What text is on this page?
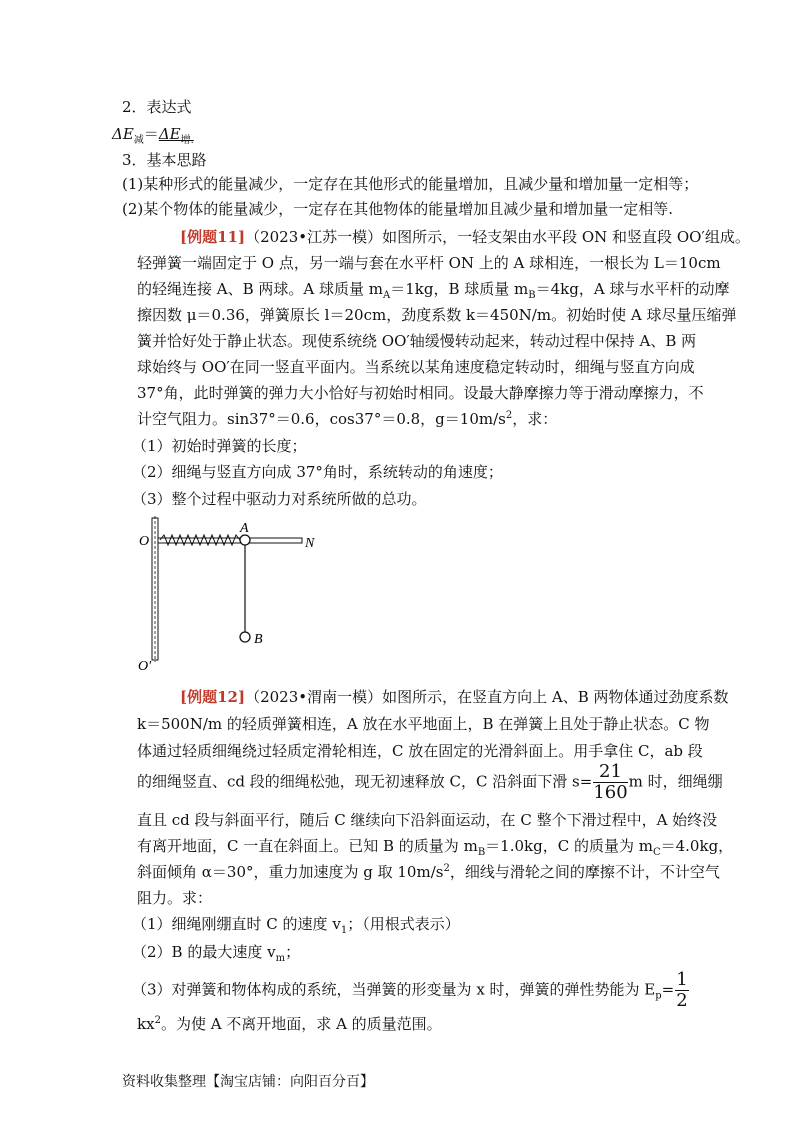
2．表达式
$\Delta E_减=\Delta E_{增.}$
3．基本思路
(1)某种形式的能量减少，一定存在其他形式的能量增加，且减少量和增加量一定相等；
(2)某个物体的能量减少，一定存在其他物体的能量增加且减少量和增加量一定相等.
[例题11]（2023•江苏一模）如图所示，一轻支架由水平段 ON 和竖直段 OO′组成。
轻弹簧一端固定于 O 点，另一端与套在水平杆 ON 上的 A 球相连，一根长为 L＝10cm
的轻绳连接 A、B 两球。A 球质量 $m_A=1kg$，B 球质量 $m_B=4kg$，A 球与水平杆的动摩
擦因数 μ＝0.36，弹簧原长 l＝20cm，劲度系数 k＝450N/m。初始时使 A 球尽量压缩弹
簧并恰好处于静止状态。现使系统绕 OO′轴缓慢转动起来，转动过程中保持 A、B 两
球始终与 OO′在同一竖直平面内。当系统以某角速度稳定转动时，细绳与竖直方向成
37°角，此时弹簧的弹力大小恰好与初始时相同。设最大静摩擦力等于滑动摩擦力，不
计空气阻力。sin37°＝0.6，cos37°＝0.8，$g=10m/s^2$，求：
（1）初始时弹簧的长度；
（2）细绳与竖直方向成 37°角时，系统转动的角速度；
（3）整个过程中驱动力对系统所做的总功。
O
A
N
B
O′
[例题12]（2023•渭南一模）如图所示，在竖直方向上 A、B 两物体通过劲度系数
k＝500N/m 的轻质弹簧相连，A 放在水平地面上，B 在弹簧上且处于静止状态。C 物
体通过轻质细绳绕过轻质定滑轮相连，C 放在固定的光滑斜面上。用手拿住 C，ab 段
的细绳竖直、cd 段的细绳松弛，现无初速释放 C，C 沿斜面下滑 $s= \frac{21}{160}$ m 时，细绳绷
直且 cd 段与斜面平行，随后 C 继续向下沿斜面运动，在 C 整个下滑过程中，A 始终没
有离开地面，C 一直在斜面上。已知 B 的质量为 $m_B=1.0kg$，C 的质量为 $m_C=4.0kg$，
斜面倾角 α＝30°，重力加速度为 g 取 $10m/s^2$，细线与滑轮之间的摩擦不计，不计空气
阻力。求：
（1）细绳刚绷直时 C 的速度 $v_1$；（用根式表示）
（2）B 的最大速度 $v_m$；
（3）对弹簧和物体构成的系统，当弹簧的形变量为 x 时，弹簧的弹性势能为 $E_p= \frac{1}{2}$
$kx^2$。为使 A 不离开地面，求 A 的质量范围。
资料收集整理【淘宝店铺：向阳百分百】
